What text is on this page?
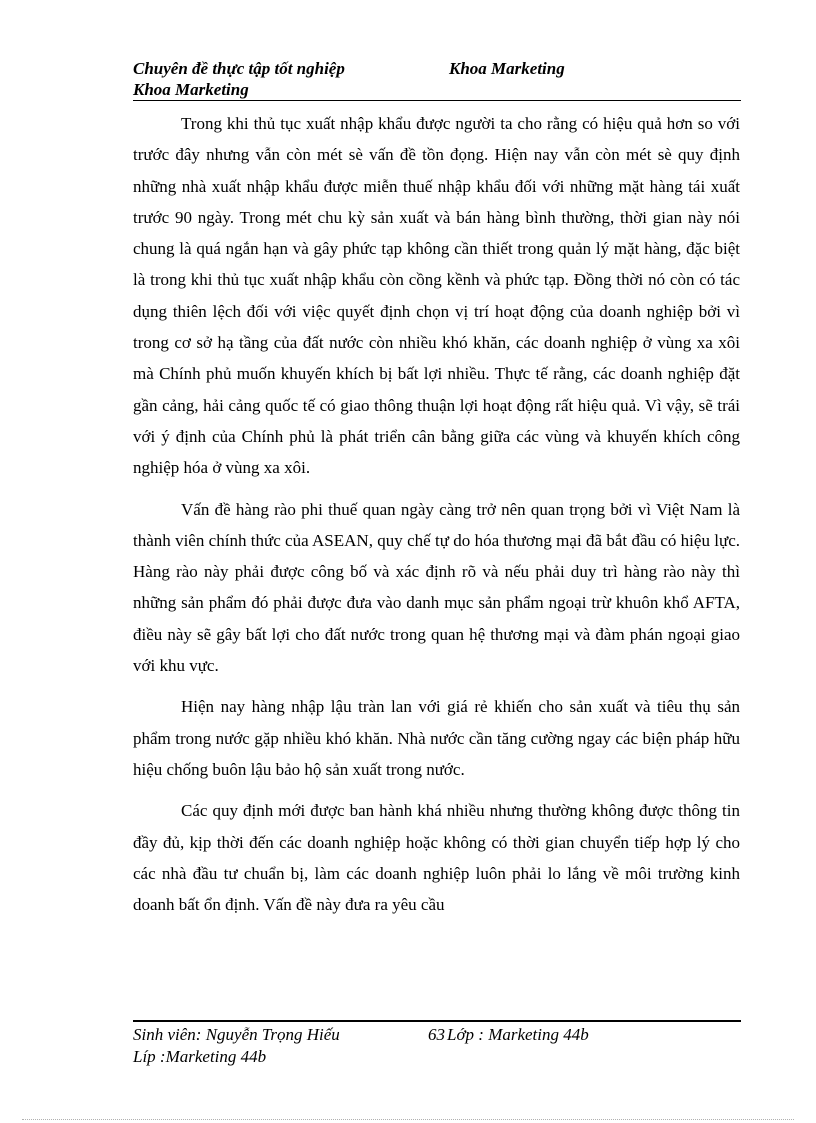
Chuyên đề thực tập tốt nghiệp	Khoa Marketing
Khoa Marketing

Trong khi thủ tục xuất nhập khẩu được người ta cho rằng có hiệu quả hơn so với trước đây nhưng vẫn còn mét sè vấn đề tồn đọng. Hiện nay vẫn còn mét sè quy định những nhà xuất nhập khẩu được miễn thuế nhập khẩu đối với những mặt hàng tái xuất trước 90 ngày. Trong mét chu kỳ sản xuất và bán hàng bình thường, thời gian này nói chung là quá ngắn hạn và gây phức tạp không cần thiết trong quản lý mặt hàng, đặc biệt là trong khi thủ tục xuất nhập khẩu còn cồng kềnh và phức tạp. Đồng thời nó còn có tác dụng thiên lệch đối với việc quyết định chọn vị trí hoạt động của doanh nghiệp bởi vì trong cơ sở hạ tầng của đất nước còn nhiều khó khăn, các doanh nghiệp ở vùng xa xôi mà Chính phủ muốn khuyến khích bị bất lợi nhiều. Thực tế rằng, các doanh nghiệp đặt gần cảng, hải cảng quốc tế có giao thông thuận lợi hoạt động rất hiệu quả. Vì vậy, sẽ trái với ý định của Chính phủ là phát triển cân bằng giữa các vùng và khuyến khích công nghiệp hóa ở vùng xa xôi.

Vấn đề hàng rào phi thuế quan ngày càng trở nên quan trọng bởi vì Việt Nam là thành viên chính thức của ASEAN, quy chế tự do hóa thương mại đã bắt đầu có hiệu lực. Hàng rào này phải được công bố và xác định rõ và nếu phải duy trì hàng rào này thì những sản phẩm đó phải được đưa vào danh mục sản phẩm ngoại trừ khuôn khổ AFTA, điều này sẽ gây bất lợi cho đất nước trong quan hệ thương mại và đàm phán ngoại giao với khu vực.

Hiện nay hàng nhập lậu tràn lan với giá rẻ khiến cho sản xuất và tiêu thụ sản phẩm trong nước gặp nhiều khó khăn. Nhà nước cần tăng cường ngay các biện pháp hữu hiệu chống buôn lậu bảo hộ sản xuất trong nước.

Các quy định mới được ban hành khá nhiều nhưng thường không được thông tin đầy đủ, kịp thời đến các doanh nghiệp hoặc không có thời gian chuyển tiếp hợp lý cho các nhà đầu tư chuẩn bị, làm các doanh nghiệp luôn phải lo lắng về môi trường kinh doanh bất ổn định. Vấn đề này đưa ra yêu cầu

Sinh viên: Nguyễn Trọng Hiếu	63 Lớp : Marketing 44b
Líp :Marketing 44b
